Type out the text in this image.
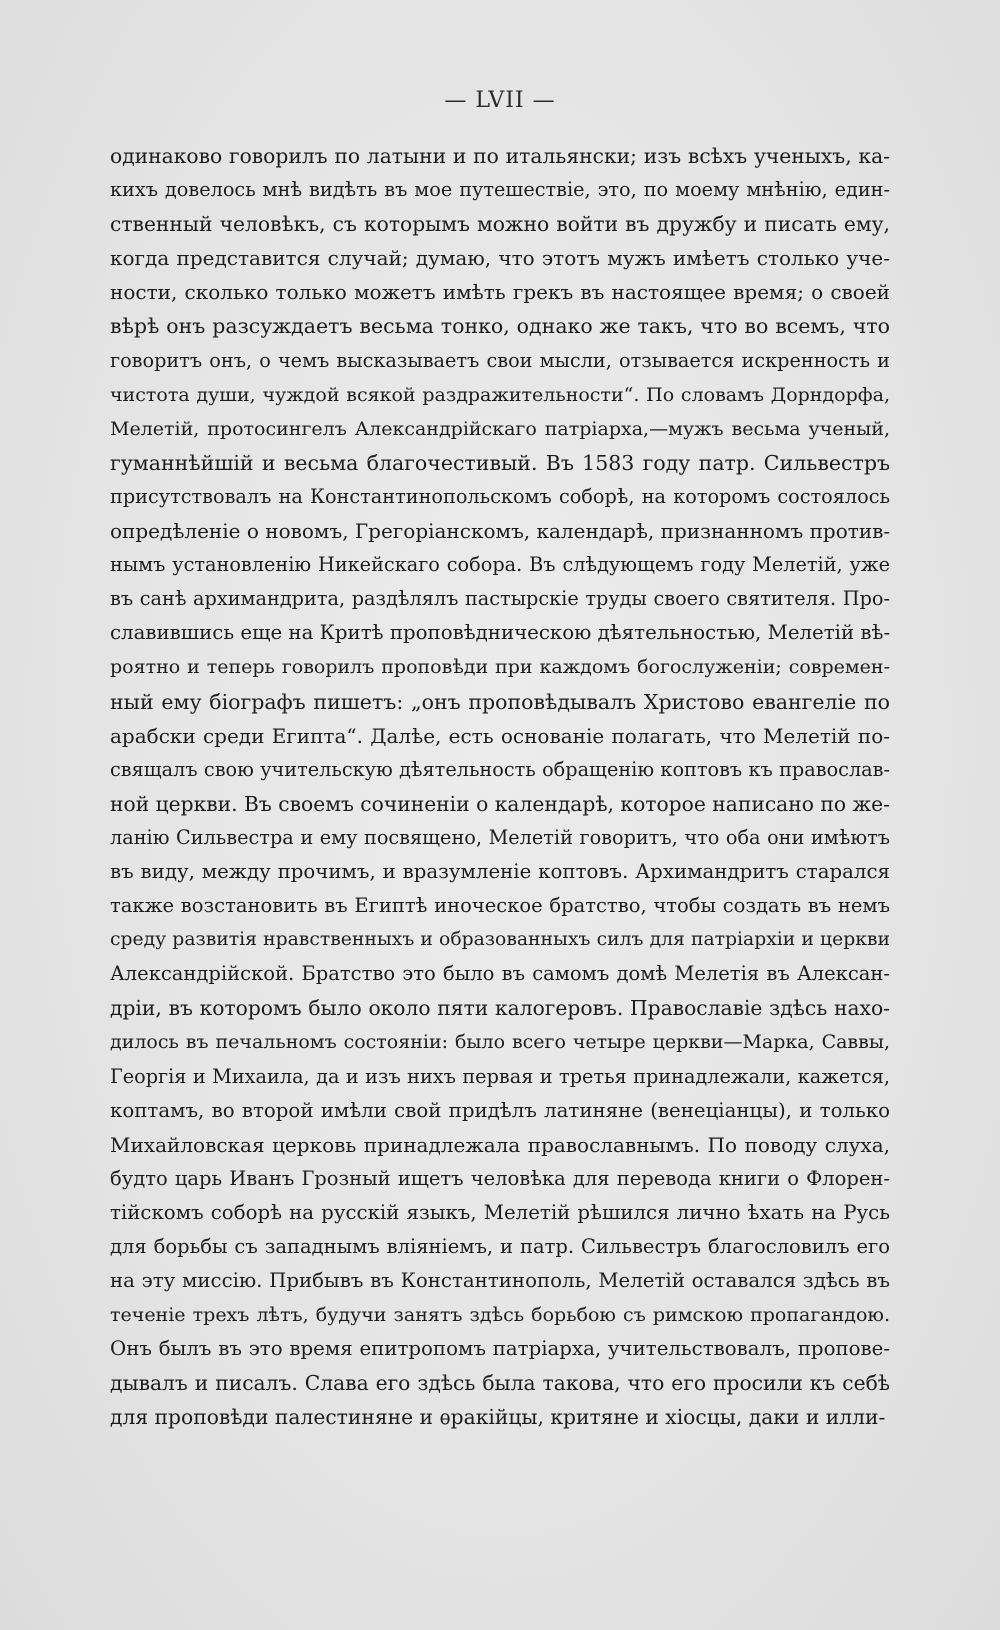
— LVII —
одинаково говорилъ по латыни и по итальянски; изъ всѣхъ ученыхъ, ка-
кихъ довелось мнѣ видѣть въ мое путешествіе, это, по моему мнѣнію, един-
ственный человѣкъ, съ которымъ можно войти въ дружбу и писать ему,
когда представится случай; думаю, что этотъ мужъ имѣетъ столько уче-
ности, сколько только можетъ имѣть грекъ въ настоящее время; о своей
вѣрѣ онъ разсуждаетъ весьма тонко, однако же такъ, что во всемъ, что
говоритъ онъ, о чемъ высказываетъ свои мысли, отзывается искренность и
чистота души, чуждой всякой раздражительности“. По словамъ Дорндорфа,
Мелетій, протосингелъ Александрійскаго патріарха,—мужъ весьма ученый,
гуманнѣйшій и весьма благочестивый. Въ 1583 году патр. Сильвестръ
присутствовалъ на Константинопольскомъ соборѣ, на которомъ состоялось
опредѣленіе о новомъ, Грегоріанскомъ, календарѣ, признанномъ против-
нымъ установленію Никейскаго собора. Въ слѣдующемъ году Мелетій, уже
въ санѣ архимандрита, раздѣлялъ пастырскіе труды своего святителя. Про-
славившись еще на Критѣ проповѣдническою дѣятельностью, Мелетій вѣ-
роятно и теперь говорилъ проповѣди при каждомъ богослуженіи; современ-
ный ему біографъ пишетъ: „онъ проповѣдывалъ Христово евангеліе по
арабски среди Египта“. Далѣе, есть основаніе полагать, что Мелетій по-
свящалъ свою учительскую дѣятельность обращенію коптовъ къ православ-
ной церкви. Въ своемъ сочиненіи о календарѣ, которое написано по же-
ланію Сильвестра и ему посвящено, Мелетій говоритъ, что оба они имѣютъ
въ виду, между прочимъ, и вразумленіе коптовъ. Архимандритъ старался
также возстановить въ Египтѣ иноческое братство, чтобы создать въ немъ
среду развитія нравственныхъ и образованныхъ силъ для патріархіи и церкви
Александрійской. Братство это было въ самомъ домѣ Мелетія въ Алексан-
дріи, въ которомъ было около пяти калогеровъ. Православіе здѣсь нахо-
дилось въ печальномъ состояніи: было всего четыре церкви—Марка, Саввы,
Георгія и Михаила, да и изъ нихъ первая и третья принадлежали, кажется,
коптамъ, во второй имѣли свой придѣлъ латиняне (венеціанцы), и только
Михайловская церковь принадлежала православнымъ. По поводу слуха,
будто царь Иванъ Грозный ищетъ человѣка для перевода книги о Флорен-
тійскомъ соборѣ на русскій языкъ, Мелетій рѣшился лично ѣхать на Русь
для борьбы съ западнымъ вліяніемъ, и патр. Сильвестръ благословилъ его
на эту миссію. Прибывъ въ Константинополь, Мелетій оставался здѣсь въ
теченіе трехъ лѣтъ, будучи занятъ здѣсь борьбою съ римскою пропагандою.
Онъ былъ въ это время епитропомъ патріарха, учительствовалъ, пропове-
дывалъ и писалъ. Слава его здѣсь была такова, что его просили къ себѣ
для проповѣди палестиняне и ѳракійцы, критяне и хіосцы, даки и илли-
